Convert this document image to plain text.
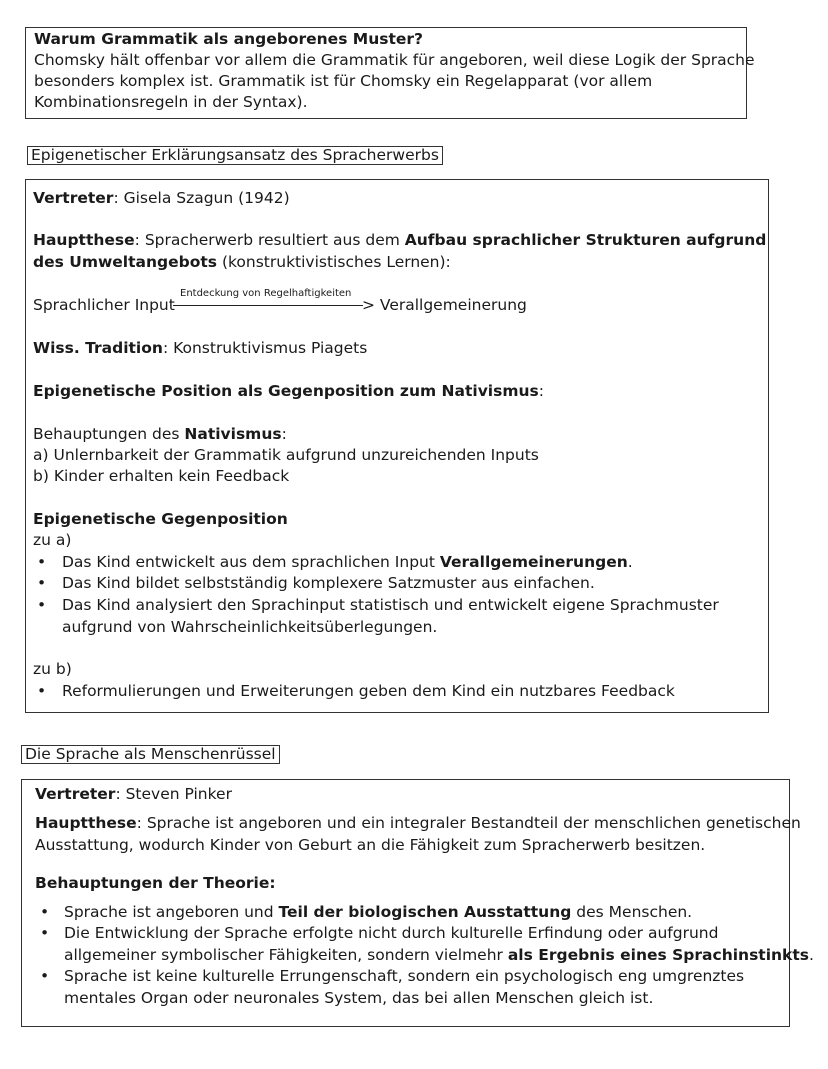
Warum Grammatik als angeborenes Muster?
Chomsky hält offenbar vor allem die Grammatik für angeboren, weil diese Logik der Sprache
besonders komplex ist. Grammatik ist für Chomsky ein Regelapparat (vor allem
Kombinationsregeln in der Syntax).
Epigenetischer Erklärungsansatz des Spracherwerbs
Vertreter: Gisela Szagun (1942)
Hauptthese: Spracherwerb resultiert aus dem Aufbau sprachlicher Strukturen aufgrund
des Umweltangebots (konstruktivistisches Lernen):
Sprachlicher Input
Entdeckung von Regelhaftigkeiten
> Verallgemeinerung
Wiss. Tradition: Konstruktivismus Piagets
Epigenetische Position als Gegenposition zum Nativismus:
Behauptungen des Nativismus:
a) Unlernbarkeit der Grammatik aufgrund unzureichenden Inputs
b) Kinder erhalten kein Feedback
Epigenetische Gegenposition
zu a)
• Das Kind entwickelt aus dem sprachlichen Input Verallgemeinerungen.
• Das Kind bildet selbstständig komplexere Satzmuster aus einfachen.
• Das Kind analysiert den Sprachinput statistisch und entwickelt eigene Sprachmuster
aufgrund von Wahrscheinlichkeitsüberlegungen.
zu b)
• Reformulierungen und Erweiterungen geben dem Kind ein nutzbares Feedback
Die Sprache als Menschenrüssel
Vertreter: Steven Pinker
Hauptthese: Sprache ist angeboren und ein integraler Bestandteil der menschlichen genetischen
Ausstattung, wodurch Kinder von Geburt an die Fähigkeit zum Spracherwerb besitzen.
Behauptungen der Theorie:
• Sprache ist angeboren und Teil der biologischen Ausstattung des Menschen.
• Die Entwicklung der Sprache erfolgte nicht durch kulturelle Erfindung oder aufgrund
allgemeiner symbolischer Fähigkeiten, sondern vielmehr als Ergebnis eines Sprachinstinkts.
• Sprache ist keine kulturelle Errungenschaft, sondern ein psychologisch eng umgrenztes
mentales Organ oder neuronales System, das bei allen Menschen gleich ist.
